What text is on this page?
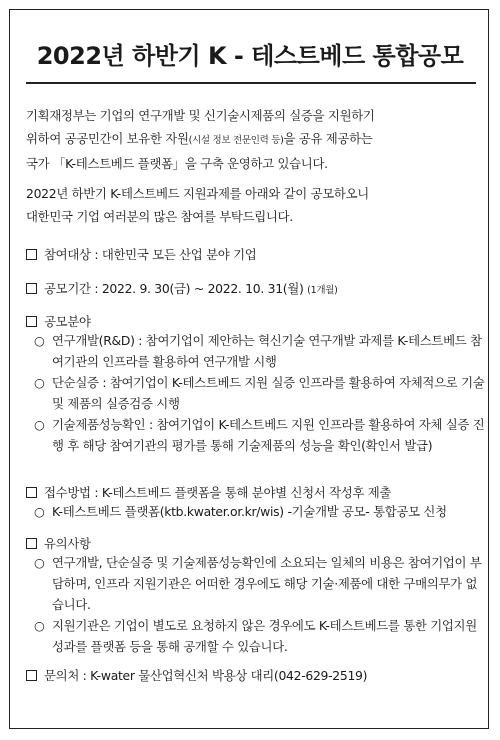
2022년 하반기 K - 테스트베드 통합공모
기획재정부는 기업의 연구개발 및 신기술시제품의 실증을 지원하기
위하여 공공민간이 보유한 자원(시설 정보 전문인력 등)을 공유 제공하는
국가 「K-테스트베드 플랫폼」을 구축 운영하고 있습니다.
2022년 하반기 K-테스트베드 지원과제를 아래와 같이 공모하오니
대한민국 기업 여러분의 많은 참여를 부탁드립니다.
참여대상 : 대한민국 모든 산업 분야 기업
공모기간 : 2022. 9. 30(금) ~ 2022. 10. 31(월) (1개월)
공모분야
○ 연구개발(R&D) : 참여기업이 제안하는 혁신기술 연구개발 과제를 K-테스트베드 참여기관의 인프라를 활용하여 연구개발 시행
○ 단순실증 : 참여기업이 K-테스트베드 지원 실증 인프라를 활용하여 자체적으로 기술 및 제품의 실증검증 시행
○ 기술제품성능확인 : 참여기업이 K-테스트베드 지원 인프라를 활용하여 자체 실증 진행 후 해당 참여기관의 평가를 통해 기술제품의 성능을 확인(확인서 발급)
접수방법 : K-테스트베드 플랫폼을 통해 분야별 신청서 작성후 제출
○ K-테스트베드 플랫폼(ktb.kwater.or.kr/wis) -기술개발 공모- 통합공모 신청
유의사항
○ 연구개발, 단순실증 및 기술제품성능확인에 소요되는 일체의 비용은 참여기업이 부담하며, 인프라 지원기관은 어떠한 경우에도 해당 기술·제품에 대한 구매의무가 없습니다.
○ 지원기관은 기업이 별도로 요청하지 않은 경우에도 K-테스트베드를 통한 기업지원 성과를 플랫폼 등을 통해 공개할 수 있습니다.
문의처 : K-water 물산업혁신처 박용상 대리(042-629-2519)
